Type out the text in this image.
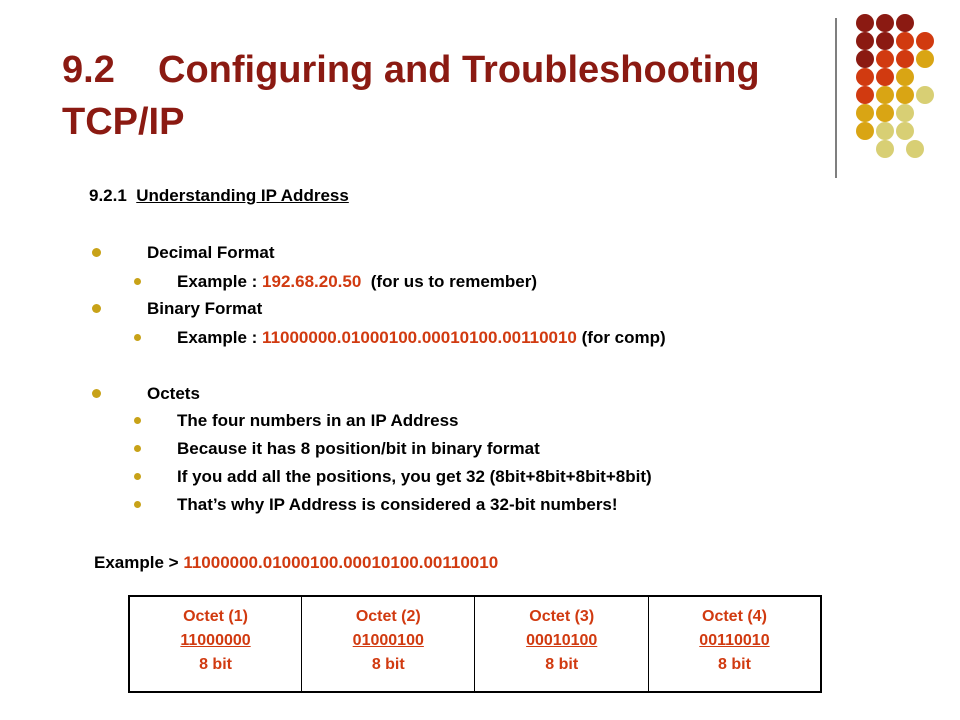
9.2 Configuring and Troubleshooting TCP/IP
9.2.1 Understanding IP Address
Decimal Format
Example : 192.68.20.50 (for us to remember)
Binary Format
Example : 11000000.01000100.00010100.00110010 (for comp)
Octets
The four numbers in an IP Address
Because it has 8 position/bit in binary format
If you add all the positions, you get 32 (8bit+8bit+8bit+8bit)
That’s why IP Address is considered a 32-bit numbers!
Example > 11000000.01000100.00010100.00110010
Octet (1)
11000000
8 bit

Octet (2)
01000100
8 bit

Octet (3)
00010100
8 bit

Octet (4)
00110010
8 bit
